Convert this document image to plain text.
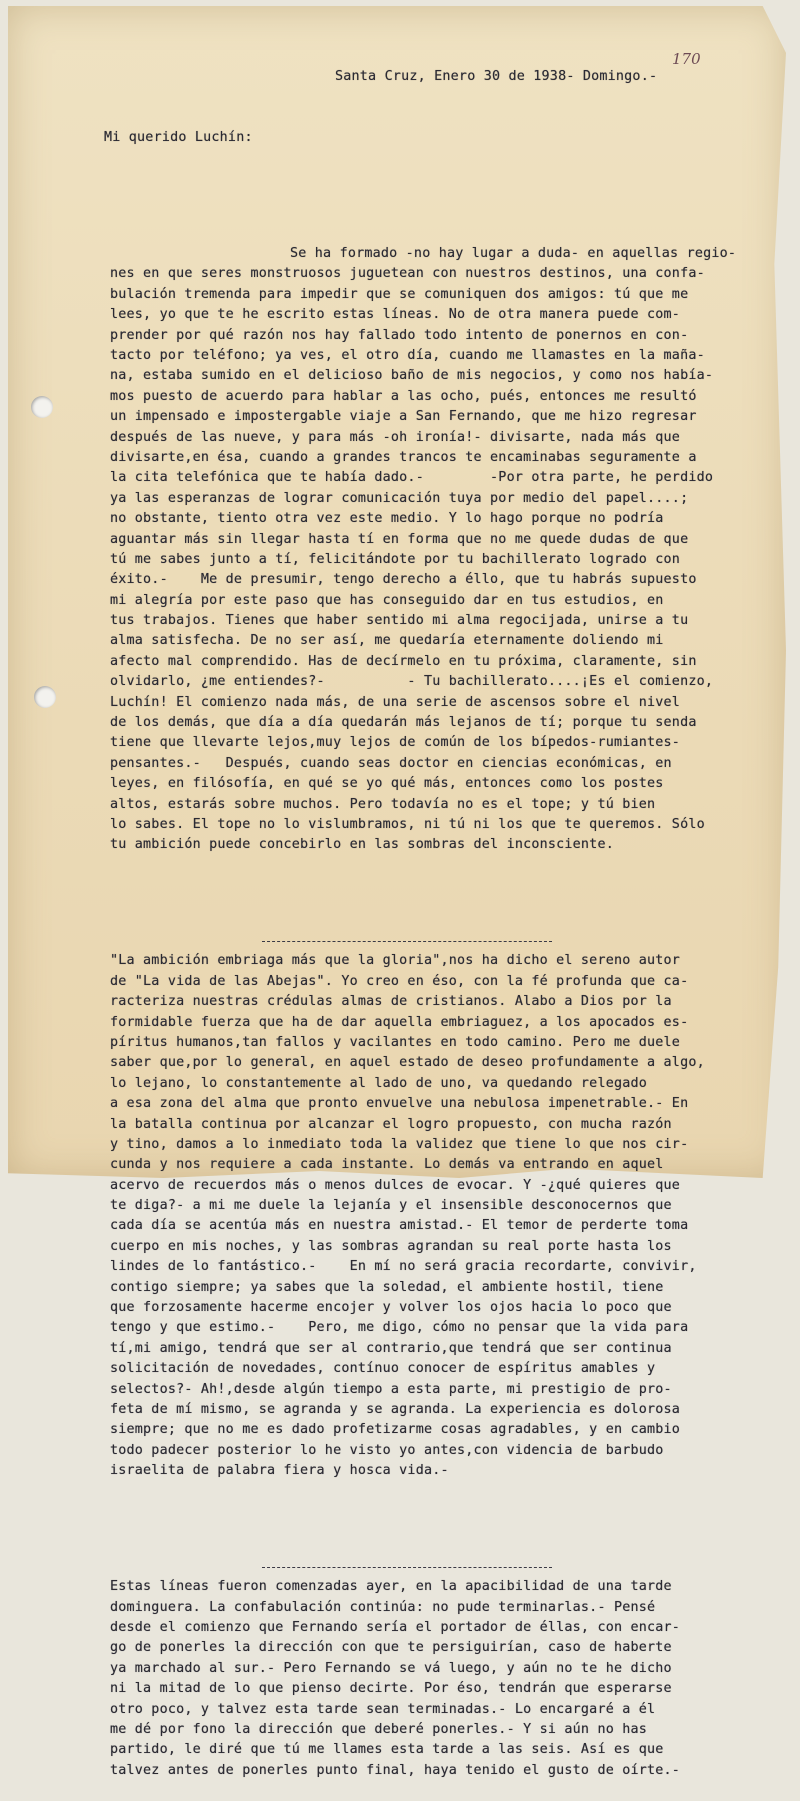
170

Santa Cruz, Enero 30 de 1938- Domingo.-

Mi querido Luchín:

Se ha formado -no hay lugar a duda- en aquellas regio-
nes en que seres monstruosos juguetean con nuestros destinos, una confa-
bulación tremenda para impedir que se comuniquen dos amigos: tú que me
lees, yo que te he escrito estas líneas. No de otra manera puede com-
prender por qué razón nos hay fallado todo intento de ponernos en con-
tacto por teléfono; ya ves, el otro día, cuando me llamastes en la maña-
na, estaba sumido en el delicioso baño de mis negocios, y como nos había-
mos puesto de acuerdo para hablar a las ocho, pués, entonces me resultó
un impensado e impostergable viaje a San Fernando, que me hizo regresar
después de las nueve, y para más -oh ironía!- divisarte, nada más que
divisarte,en ésa, cuando a grandes trancos te encaminabas seguramente a
la cita telefónica que te había dado.-        -Por otra parte, he perdido
ya las esperanzas de lograr comunicación tuya por medio del papel....;
no obstante, tiento otra vez este medio. Y lo hago porque no podría
aguantar más sin llegar hasta tí en forma que no me quede dudas de que
tú me sabes junto a tí, felicitándote por tu bachillerato logrado con
éxito.-    Me de presumir, tengo derecho a éllo, que tu habrás supuesto
mi alegría por este paso que has conseguido dar en tus estudios, en
tus trabajos. Tienes que haber sentido mi alma regocijada, unirse a tu
alma satisfecha. De no ser así, me quedaría eternamente doliendo mi
afecto mal comprendido. Has de decírmelo en tu próxima, claramente, sin
olvidarlo, ¿me entiendes?-          - Tu bachillerato....¡Es el comienzo,
Luchín! El comienzo nada más, de una serie de ascensos sobre el nivel
de los demás, que día a día quedarán más lejanos de tí; porque tu senda
tiene que llevarte lejos,muy lejos de común de los bípedos-rumiantes-
pensantes.-   Después, cuando seas doctor en ciencias económicas, en
leyes, en filósofía, en qué se yo qué más, entonces como los postes
altos, estarás sobre muchos. Pero todavía no es el tope; y tú bien
lo sabes. El tope no lo vislumbramos, ni tú ni los que te queremos. Sólo
tu ambición puede concebirlo en las sombras del inconsciente.

"La ambición embriaga más que la gloria",nos ha dicho el sereno autor
de "La vida de las Abejas". Yo creo en éso, con la fé profunda que ca-
racteriza nuestras crédulas almas de cristianos. Alabo a Dios por la
formidable fuerza que ha de dar aquella embriaguez, a los apocados es-
píritus humanos,tan fallos y vacilantes en todo camino. Pero me duele
saber que,por lo general, en aquel estado de deseo profundamente a algo,
lo lejano, lo constantemente al lado de uno, va quedando relegado
a esa zona del alma que pronto envuelve una nebulosa impenetrable.- En
la batalla continua por alcanzar el logro propuesto, con mucha razón
y tino, damos a lo inmediato toda la validez que tiene lo que nos cir-
cunda y nos requiere a cada instante. Lo demás va entrando en aquel
acervo de recuerdos más o menos dulces de evocar. Y -¿qué quieres que
te diga?- a mi me duele la lejanía y el insensible desconocernos que
cada día se acentúa más en nuestra amistad.- El temor de perderte toma
cuerpo en mis noches, y las sombras agrandan su real porte hasta los
lindes de lo fantástico.-    En mí no será gracia recordarte, convivir,
contigo siempre; ya sabes que la soledad, el ambiente hostil, tiene
que forzosamente hacerme encojer y volver los ojos hacia lo poco que
tengo y que estimo.-    Pero, me digo, cómo no pensar que la vida para
tí,mi amigo, tendrá que ser al contrario,que tendrá que ser continua
solicitación de novedades, contínuo conocer de espíritus amables y
selectos?- Ah!,desde algún tiempo a esta parte, mi prestigio de pro-
feta de mí mismo, se agranda y se agranda. La experiencia es dolorosa
siempre; que no me es dado profetizarme cosas agradables, y en cambio
todo padecer posterior lo he visto yo antes,con videncia de barbudo
israelita de palabra fiera y hosca vida.-

Estas líneas fueron comenzadas ayer, en la apacibilidad de una tarde
dominguera. La confabulación continúa: no pude terminarlas.- Pensé
desde el comienzo que Fernando sería el portador de éllas, con encar-
go de ponerles la dirección con que te persiguirían, caso de haberte
ya marchado al sur.- Pero Fernando se vá luego, y aún no te he dicho
ni la mitad de lo que pienso decirte. Por éso, tendrán que esperarse
otro poco, y talvez esta tarde sean terminadas.- Lo encargaré a él
me dé por fono la dirección que deberé ponerles.- Y si aún no has
partido, le diré que tú me llames esta tarde a las seis. Así es que
talvez antes de ponerles punto final, haya tenido el gusto de oírte.-
